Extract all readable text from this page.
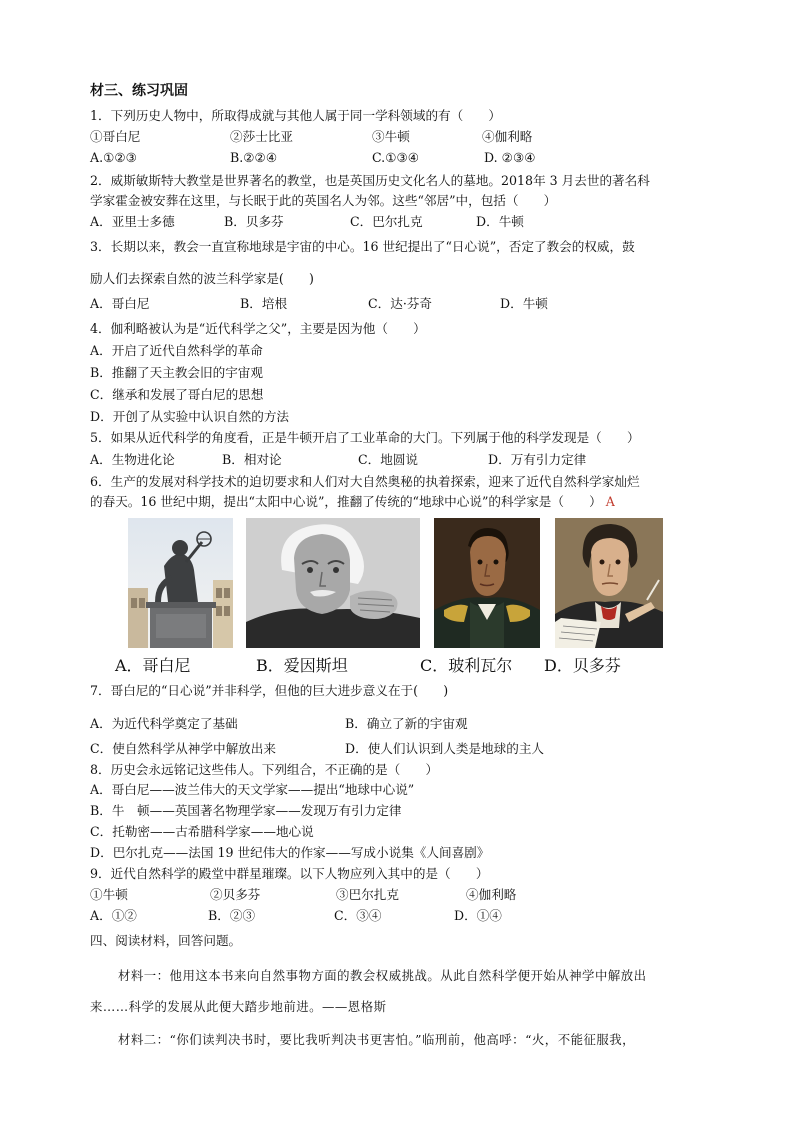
材三、练习巩固
1．下列历史人物中，所取得成就与其他人属于同一学科领域的有（　　）
①哥白尼	②莎士比亚	③牛顿	④伽利略
A.①②③	B.②②④	C.①③④	D. ②③④
2．威斯敏斯特大教堂是世界著名的教堂，也是英国历史文化名人的墓地。2018年 3 月去世的著名科
学家霍金被安葬在这里，与长眠于此的英国名人为邻。这些“邻居”中，包括（　　）
A．亚里士多德	B．贝多芬	C．巴尔扎克	D．牛顿
3．长期以来，教会一直宣称地球是宇宙的中心。16 世纪提出了“日心说”，否定了教会的权威，鼓
励人们去探索自然的波兰科学家是(　　)
A．哥白尼	B．培根	C．达·芬奇	D．牛顿
4．伽利略被认为是“近代科学之父”，主要是因为他（　　）
A．开启了近代自然科学的革命
B．推翻了天主教会旧的宇宙观
C．继承和发展了哥白尼的思想
D．开创了从实验中认识自然的方法
5．如果从近代科学的角度看，正是牛顿开启了工业革命的大门。下列属于他的科学发现是（　　）
A．生物进化论	B．相对论	C．地圆说	D．万有引力定律
6．生产的发展对科学技术的迫切要求和人们对大自然奥秘的执着探索，迎来了近代自然科学家灿烂
的春天。16 世纪中期，提出“太阳中心说”，推翻了传统的“地球中心说”的科学家是（　　） A
A．哥白尼	B．爱因斯坦	C．玻利瓦尔 D．贝多芬
7．哥白尼的“日心说”并非科学，但他的巨大进步意义在于(　　)
A．为近代科学奠定了基础	B．确立了新的宇宙观
C．使自然科学从神学中解放出来	D．使人们认识到人类是地球的主人
8．历史会永远铭记这些伟人。下列组合，不正确的是（　　）
A．哥白尼——波兰伟大的天文学家——提出“地球中心说”
B．牛　顿——英国著名物理学家——发现万有引力定律
C．托勒密——古希腊科学家——地心说
D．巴尔扎克——法国 19 世纪伟大的作家——写成小说集《人间喜剧》
9．近代自然科学的殿堂中群星璀璨。以下人物应列入其中的是（　　）
①牛顿	②贝多芬	③巴尔扎克	④伽利略
A．①②	B．②③	C．③④	D．①④
四、阅读材料，回答问题。
材料一：他用这本书来向自然事物方面的教会权威挑战。从此自然科学便开始从神学中解放出
来……科学的发展从此便大踏步地前进。——恩格斯
材料二：“你们读判决书时，要比我听判决书更害怕。”临刑前，他高呼：“火，不能征服我，
